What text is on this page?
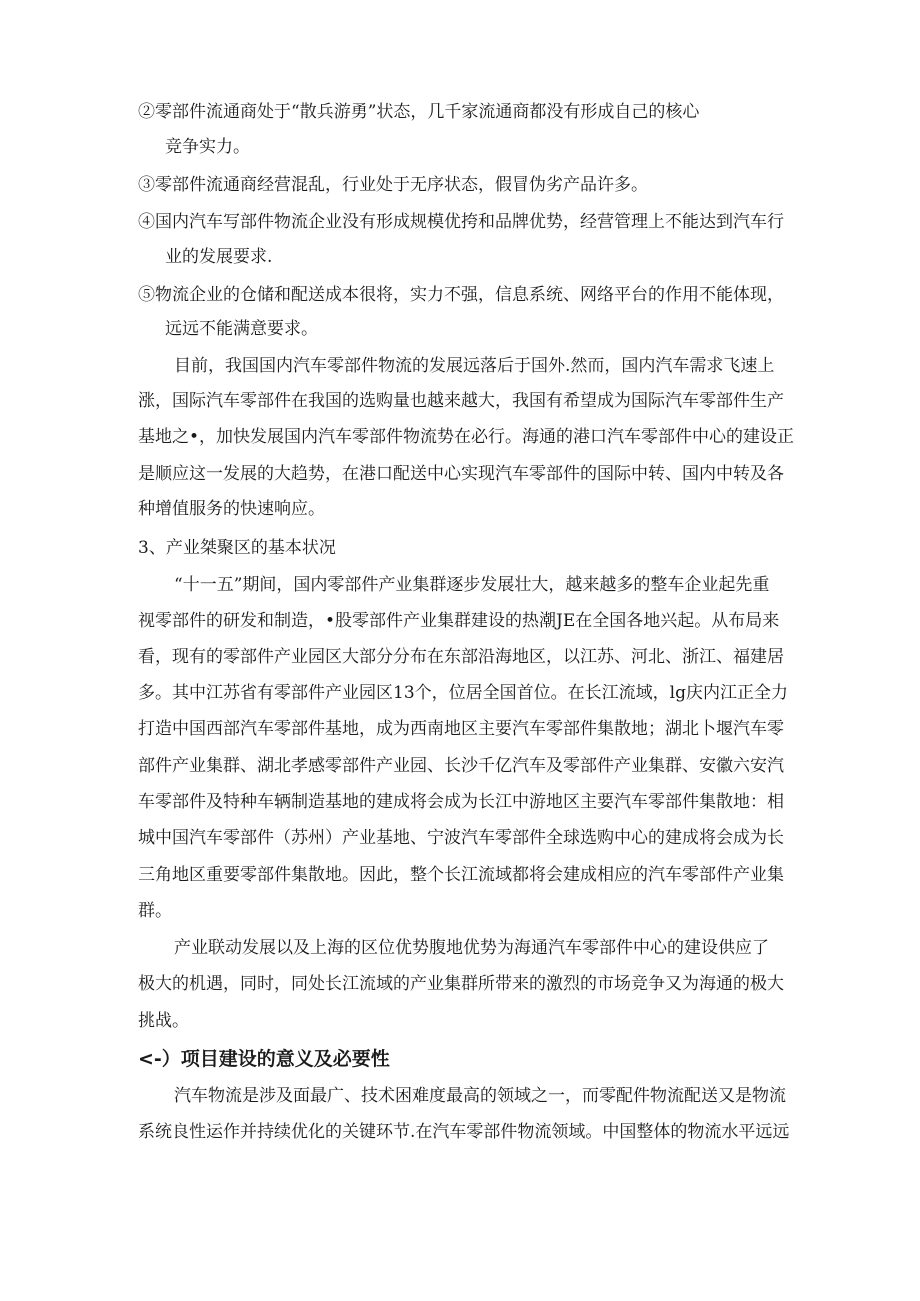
②零部件流通商处于“散兵游勇”状态，几千家流通商都没有形成自己的核心
竞争实力。
③零部件流通商经营混乱，行业处于无序状态，假冒伪劣产品许多。
④国内汽车写部件物流企业没有形成规模优挎和品牌优势，经营管理上不能达到汽车行
业的发展要求.
⑤物流企业的仓储和配送成本很将，实力不强，信息系统、网络平台的作用不能体现，
远远不能满意要求。
目前，我国国内汽车零部件物流的发展远落后于国外.然而，国内汽车需求飞速上
涨，国际汽车零部件在我国的选购量也越来越大，我国有希望成为国际汽车零部件生产
基地之•，加快发展国内汽车零部件物流势在必行。海通的港口汽车零部件中心的建设正
是顺应这一发展的大趋势，在港口配送中心实现汽车零部件的国际中转、国内中转及各
种增值服务的快速响应。
3、产业桀聚区的基本状况
“十一五”期间，国内零部件产业集群逐步发展壮大，越来越多的整车企业起先重
视零部件的研发和制造，•股零部件产业集群建设的热潮JE在全国各地兴起。从布局来
看，现有的零部件产业园区大部分分布在东部沿海地区，以江苏、河北、浙江、福建居
多。其中江苏省有零部件产业园区13个，位居全国首位。在长江流域，lg庆内江正全力
打造中国西部汽车零部件基地，成为西南地区主要汽车零部件集散地；湖北卜堰汽车零
部件产业集群、湖北孝感零部件产业园、长沙千亿汽车及零部件产业集群、安徽六安汽
车零部件及特种车辆制造基地的建成将会成为长江中游地区主要汽车零部件集散地：相
城中国汽车零部件（苏州）产业基地、宁波汽车零部件全球选购中心的建成将会成为长
三角地区重要零部件集散地。因此，整个长江流域都将会建成相应的汽车零部件产业集
群。
产业联动发展以及上海的区位优势腹地优势为海通汽车零部件中心的建设供应了
极大的机遇，同时，同处长江流域的产业集群所带来的激烈的市场竞争又为海通的极大
挑战。
<-）项目建设的意义及必要性
汽车物流是涉及面最广、技术困难度最高的领域之一，而零配件物流配送又是物流
系统良性运作并持续优化的关键环节.在汽车零部件物流领域。中国整体的物流水平远远
